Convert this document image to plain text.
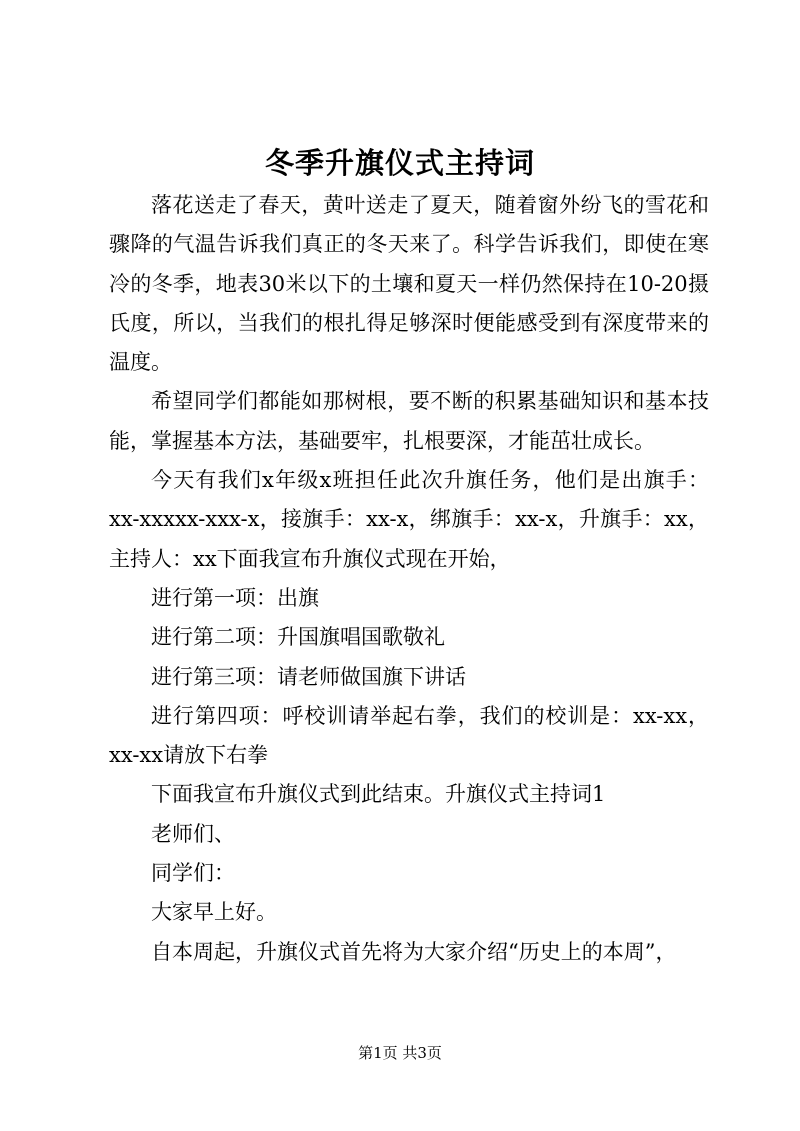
冬季升旗仪式主持词

落花送走了春天，黄叶送走了夏天，随着窗外纷飞的雪花和骤降的气温告诉我们真正的冬天来了。科学告诉我们，即使在寒冷的冬季，地表30米以下的土壤和夏天一样仍然保持在10-20摄氏度，所以，当我们的根扎得足够深时便能感受到有深度带来的温度。

希望同学们都能如那树根，要不断的积累基础知识和基本技能，掌握基本方法，基础要牢，扎根要深，才能茁壮成长。

今天有我们x年级x班担任此次升旗任务，他们是出旗手：xx-xxxxx-xxx-x，接旗手：xx-x，绑旗手：xx-x，升旗手：xx，主持人：xx下面我宣布升旗仪式现在开始，

进行第一项：出旗

进行第二项：升国旗唱国歌敬礼

进行第三项：请老师做国旗下讲话

进行第四项：呼校训请举起右拳，我们的校训是：xx-xx，xx-xx请放下右拳

下面我宣布升旗仪式到此结束。升旗仪式主持词1

老师们、

同学们：

大家早上好。

自本周起，升旗仪式首先将为大家介绍“历史上的本周”，

第1页 共3页
